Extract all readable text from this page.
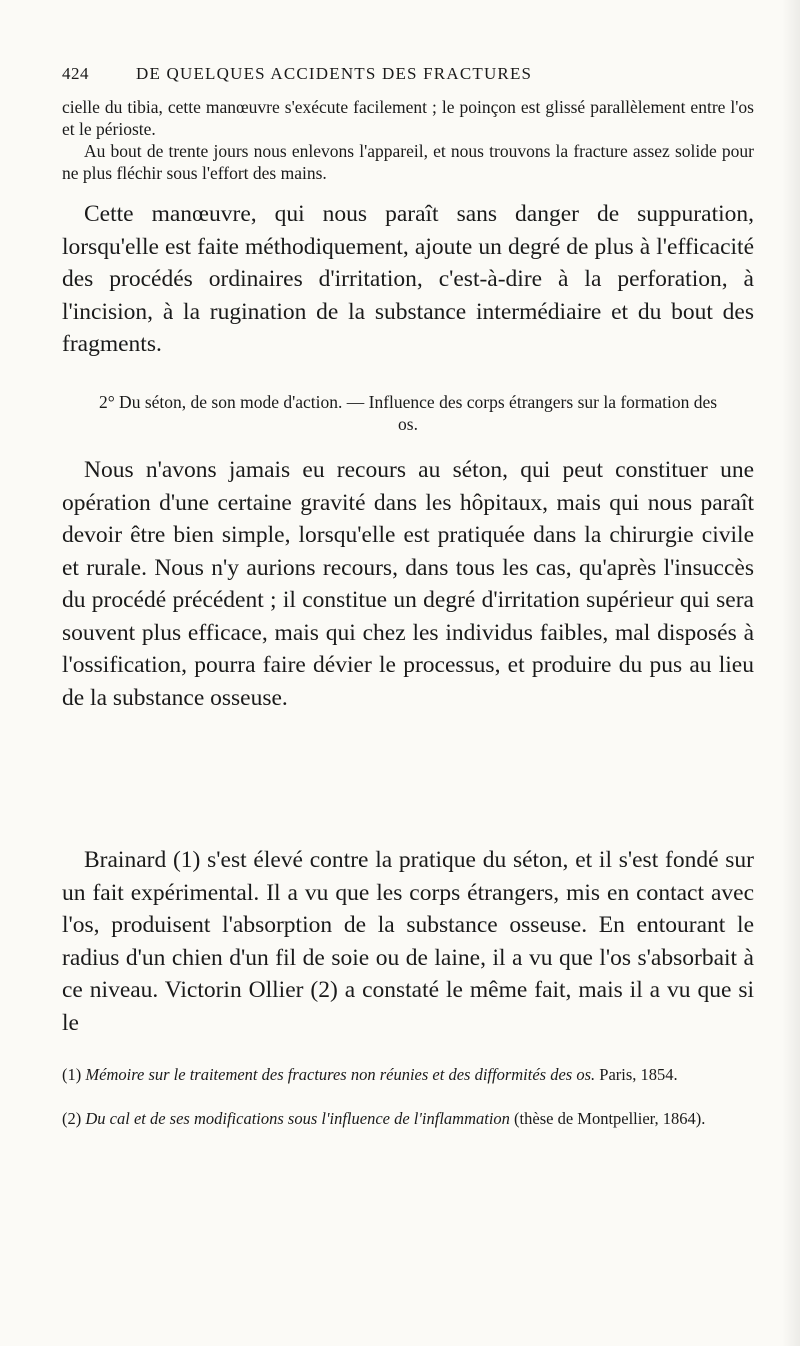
424	DE QUELQUES ACCIDENTS DES FRACTURES

cielle du tibia, cette manœuvre s'exécute facilement ; le poinçon est glissé parallèlement entre l'os et le périoste.

Au bout de trente jours nous enlevons l'appareil, et nous trouvons la fracture assez solide pour ne plus fléchir sous l'effort des mains.

Cette manœuvre, qui nous paraît sans danger de suppuration, lorsqu'elle est faite méthodiquement, ajoute un degré de plus à l'efficacité des procédés ordinaires d'irritation, c'est-à-dire à la perforation, à l'incision, à la rugination de la substance intermédiaire et du bout des fragments.

2° Du séton, de son mode d'action. — Influence des corps étrangers sur la formation des os.

Nous n'avons jamais eu recours au séton, qui peut constituer une opération d'une certaine gravité dans les hôpitaux, mais qui nous paraît devoir être bien simple, lorsqu'elle est pratiquée dans la chirurgie civile et rurale. Nous n'y aurions recours, dans tous les cas, qu'après l'insuccès du procédé précédent ; il constitue un degré d'irritation supérieur qui sera souvent plus efficace, mais qui chez les individus faibles, mal disposés à l'ossification, pourra faire dévier le processus, et produire du pus au lieu de la substance osseuse.

Brainard (1) s'est élevé contre la pratique du séton, et il s'est fondé sur un fait expérimental. Il a vu que les corps étrangers, mis en contact avec l'os, produisent l'absorption de la substance osseuse. En entourant le radius d'un chien d'un fil de soie ou de laine, il a vu que l'os s'absorbait à ce niveau. Victorin Ollier (2) a constaté le même fait, mais il a vu que si le

(1) Mémoire sur le traitement des fractures non réunies et des difformités des os. Paris, 1854.

(2) Du cal et de ses modifications sous l'influence de l'inflammation (thèse de Montpellier, 1864).
